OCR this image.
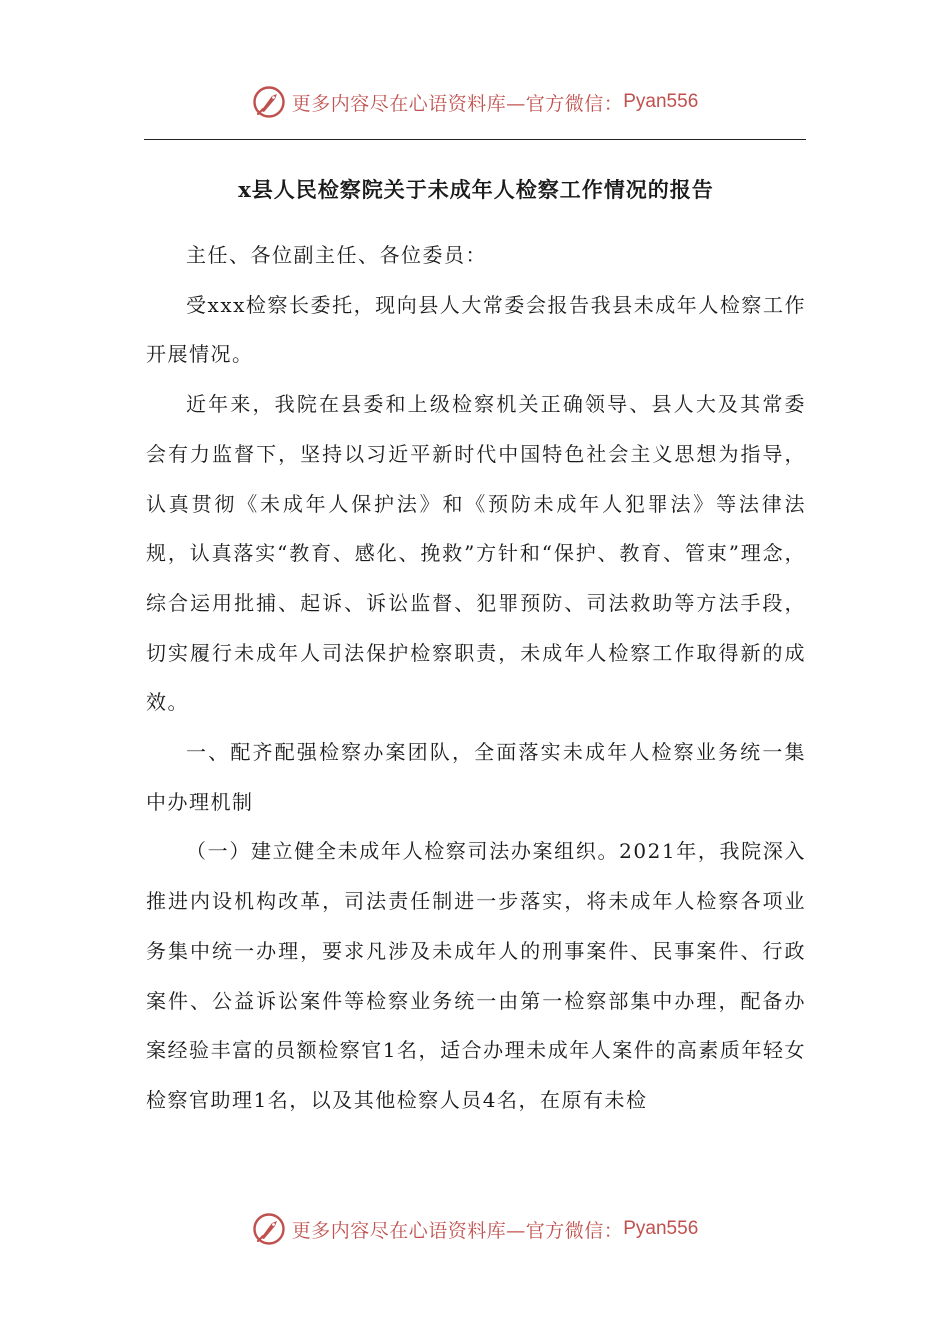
更多内容尽在心语资料库—官方微信： Pyan556
x县人民检察院关于未成年人检察工作情况的报告

主任、各位副主任、各位委员：

受xxx检察长委托，现向县人大常委会报告我县未成年人检察工作开展情况。

近年来，我院在县委和上级检察机关正确领导、县人大及其常委会有力监督下，坚持以习近平新时代中国特色社会主义思想为指导，认真贯彻《未成年人保护法》和《预防未成年人犯罪法》等法律法规，认真落实“教育、感化、挽救”方针和“保护、教育、管束”理念，综合运用批捕、起诉、诉讼监督、犯罪预防、司法救助等方法手段，切实履行未成年人司法保护检察职责，未成年人检察工作取得新的成效。

一、配齐配强检察办案团队，全面落实未成年人检察业务统一集中办理机制

（一）建立健全未成年人检察司法办案组织。2021年，我院深入推进内设机构改革，司法责任制进一步落实，将未成年人检察各项业务集中统一办理，要求凡涉及未成年人的刑事案件、民事案件、行政案件、公益诉讼案件等检察业务统一由第一检察部集中办理，配备办案经验丰富的员额检察官1名，适合办理未成年人案件的高素质年轻女检察官助理1名，以及其他检察人员4名，在原有未检

更多内容尽在心语资料库—官方微信： Pyan556
